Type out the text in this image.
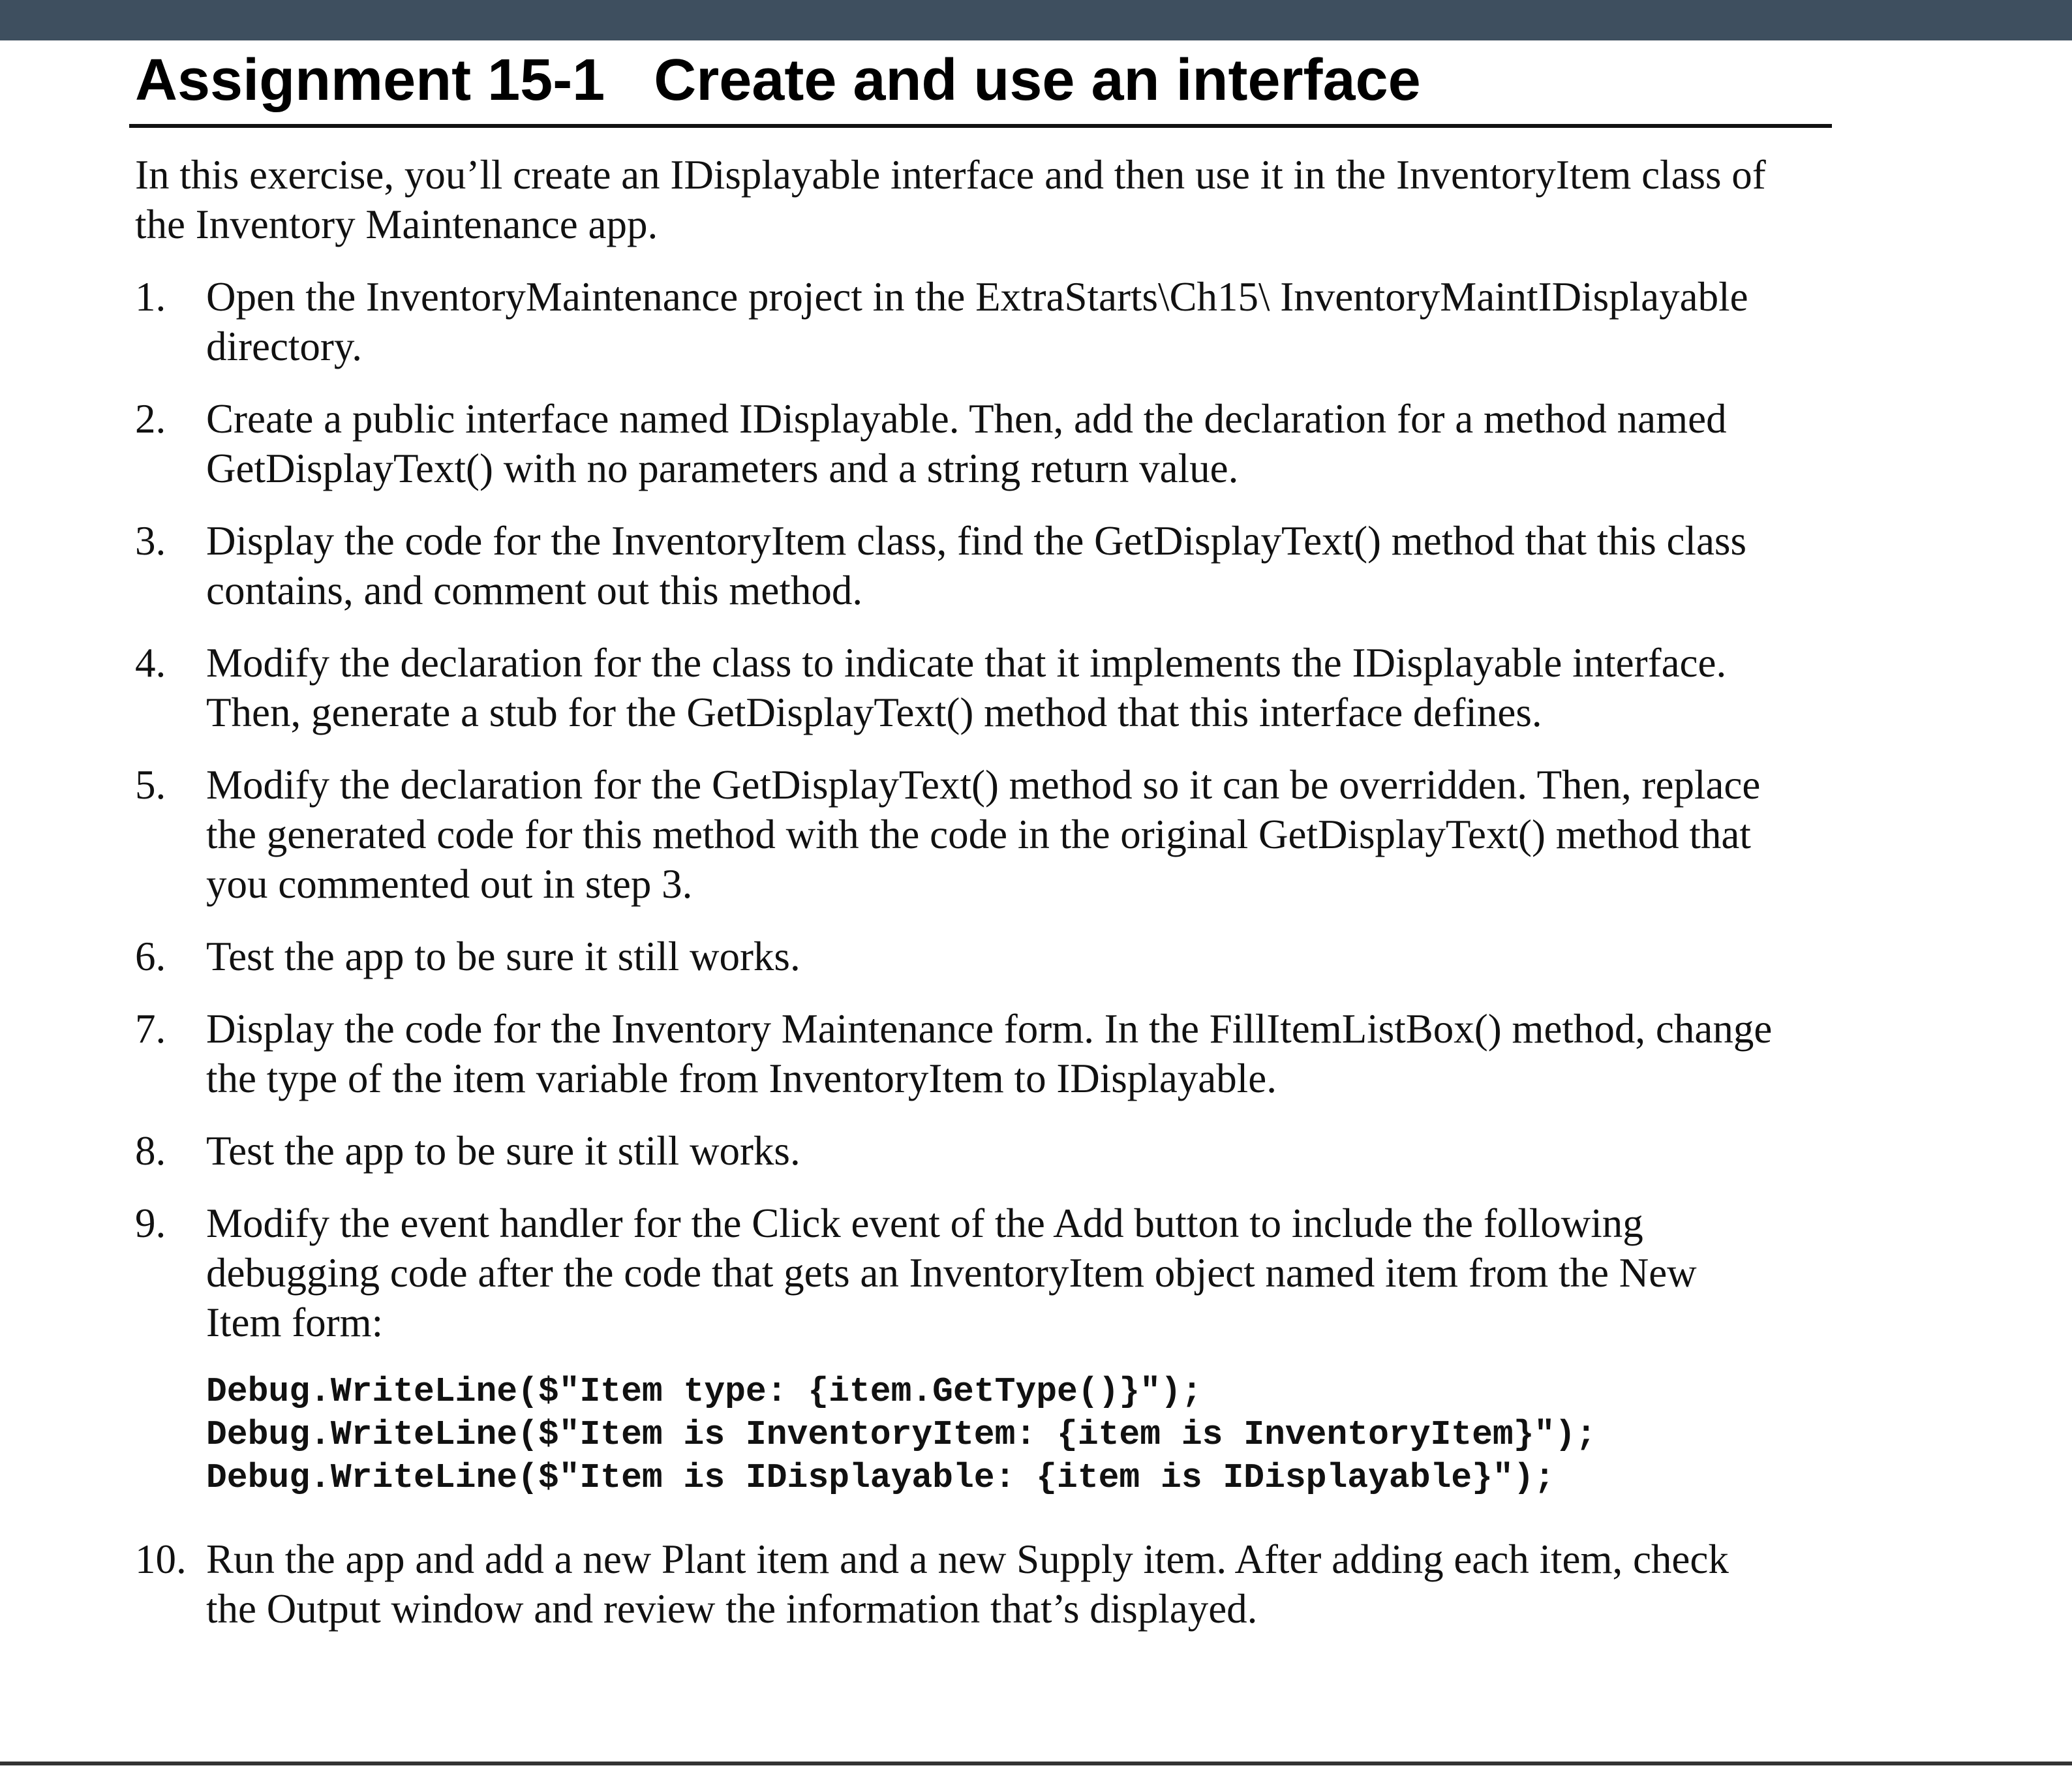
Assignment 15-1   Create and use an interface

In this exercise, you’ll create an IDisplayable interface and then use it in the InventoryItem class of the Inventory Maintenance app.

1. Open the InventoryMaintenance project in the ExtraStarts\Ch15\ InventoryMaintIDisplayable directory.
2. Create a public interface named IDisplayable. Then, add the declaration for a method named GetDisplayText() with no parameters and a string return value.
3. Display the code for the InventoryItem class, find the GetDisplayText() method that this class contains, and comment out this method.
4. Modify the declaration for the class to indicate that it implements the IDisplayable interface. Then, generate a stub for the GetDisplayText() method that this interface defines.
5. Modify the declaration for the GetDisplayText() method so it can be overridden. Then, replace the generated code for this method with the code in the original GetDisplayText() method that you commented out in step 3.
6. Test the app to be sure it still works.
7. Display the code for the Inventory Maintenance form. In the FillItemListBox() method, change the type of the item variable from InventoryItem to IDisplayable.
8. Test the app to be sure it still works.
9. Modify the event handler for the Click event of the Add button to include the following debugging code after the code that gets an InventoryItem object named item from the New Item form:
Debug.WriteLine($"Item type: {item.GetType()}");
Debug.WriteLine($"Item is InventoryItem: {item is InventoryItem}");
Debug.WriteLine($"Item is IDisplayable: {item is IDisplayable}");
10. Run the app and add a new Plant item and a new Supply item. After adding each item, check the Output window and review the information that’s displayed.
